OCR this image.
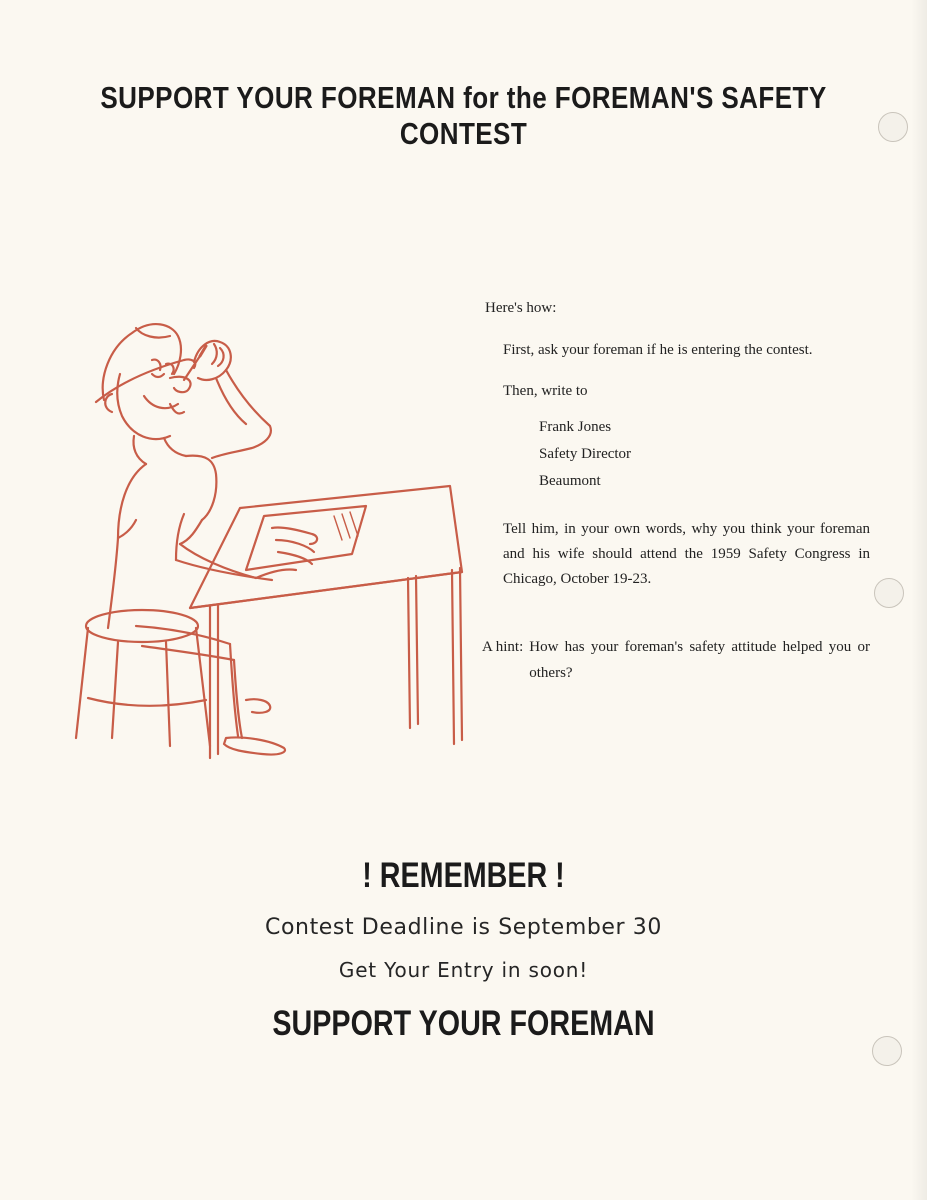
SUPPORT YOUR FOREMAN for the FOREMAN'S SAFETY CONTEST

Here's how:

First, ask your foreman if he is entering the contest.

Then, write to

Frank Jones
Safety Director
Beaumont

Tell him, in your own words, why you think your foreman and his wife should attend the 1959 Safety Congress in Chicago, October 19-23.

A hint: How has your foreman's safety attitude helped you or others?

! REMEMBER !

Contest Deadline is September 30

Get Your Entry in soon!

SUPPORT YOUR FOREMAN
